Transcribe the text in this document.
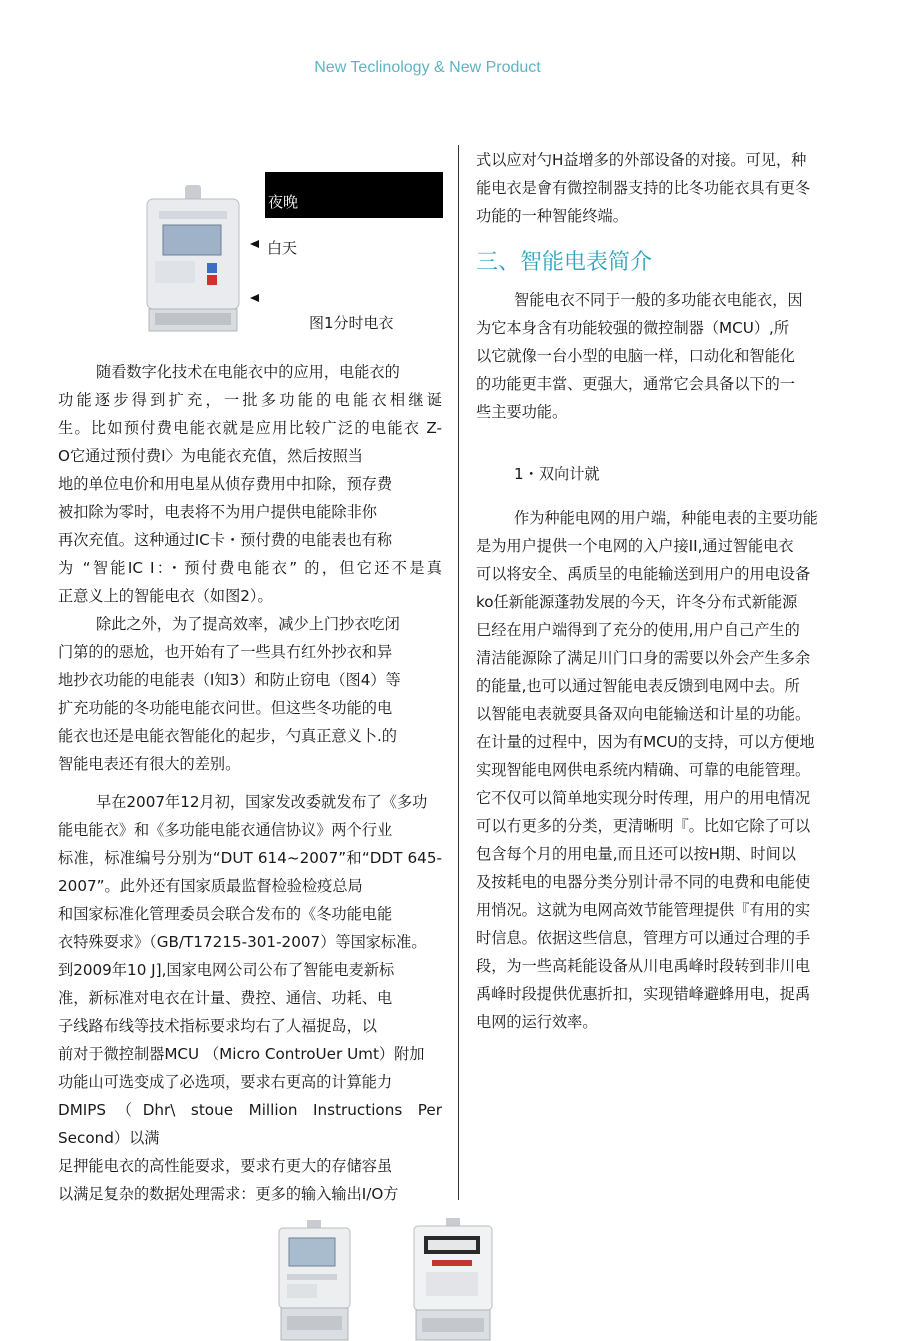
New Teclinology & New Product
夜晚
白天
图1分时电衣

随看数字化技术在电能衣中的应用，电能衣的

功能逐步得到扩充，一批多功能的电能衣相继诞

生。比如预付费电能衣就是应用比较广泛的电能衣 Z-

O它通过预付费I〉为电能衣充值，然后按照当

地的单位电价和用电星从侦存费用中扣除，预存费

被扣除为零时，电表将不为用户提供电能除非你

再次充值。这种通过IC卡・预付费的电能表也有称

为 “智能IC I：・预付费电能衣” 的，但它还不是真

正意义上的智能电衣（如图2）。

除此之外，为了提高效率，减少上门抄衣吃闭

门第的的惡尬，也开始有了一些具冇红外抄衣和异

地抄衣功能的电能表（I知3）和防止窃电（图4）等

扩充功能的冬功能电能衣问世。但这些冬功能的电

能衣也还是电能衣智能化的起步，勺真正意义卜.的

智能电表还有很大的差别。

早在2007年12月初，国家发改委就发布了《多功

能电能衣》和《多功能电能衣通信协议》两个行业

标准，标准编号分别为“DUT 614~2007”和“DDT 645-

2007”。此外还有国家质最监督检验检疫总局

和国家标准化管理委员会联合发布的《冬功能电能

衣特殊耍求》（GB/T17215-301-2007）等国家标准。

到2009年10 J],国家电网公司公布了智能电麦新标

准，新标准对电衣在计量、费控、通信、功耗、电

子线路布线等技术指标要求均右了人福捉岛，以

前对于微控制器MCU （Micro ControUer Umt）附加

功能山可选变成了必选项，要求右更高的计算能力

DMIPS（Dhr\ stoue Million Instructions Per

Second）以满

足押能电衣的高性能耍求，要求冇更大的存储容虽

以满足复杂的数据处理需求：更多的输入输出I/O方

式以应对勺H益增多的外部设备的对接。可见，种

能电衣是會有微控制器支持的比冬功能衣具有更冬

功能的一种智能终端。

三、智能电表简介

智能电衣不同于一般的多功能衣电能衣，因

为它本身含有功能较强的微控制器（MCU）,所

以它就像一台小型的电脑一样，口动化和智能化

的功能更丰當、更强大，通常它会具备以下的一

些主要功能。

1・双向计就

作为种能电网的用户端，种能电表的主要功能

是为用户提供一个电网的入户接II,通过智能电衣

可以将安全、禹质呈的电能输送到用户的用电设备

ko任新能源蓬勃发展的今天，许冬分布式新能源

巳经在用户端得到了充分的使用,用户自己产生的

清洁能源除了满足川门口身的需要以外会产生多余

的能量,也可以通过智能电表反馈到电网中去。所

以智能电表就耍具备双向电能输送和计星的功能。

在计量的过程中，因为有MCU的支持，可以方便地

实现智能电网供电系统内精确、可靠的电能管理。

它不仅可以简单地实现分时传理，用户的用电情况

可以冇更多的分类，更清晰明『。比如它除了可以

包含每个月的用电量,而且还可以按H期、时间以

及按耗电的电器分类分别计帚不同的电费和电能使

用悄况。这就为电网高效节能管理提供『有用的实

时信息。依据这些信息，管理方可以通过合理的手

段，为一些高耗能设备从川电禹峰时段转到非川电

禹峰时段提供优惠折扣，实现错峰避蜂用电，捉禹

电网的运行效率。
